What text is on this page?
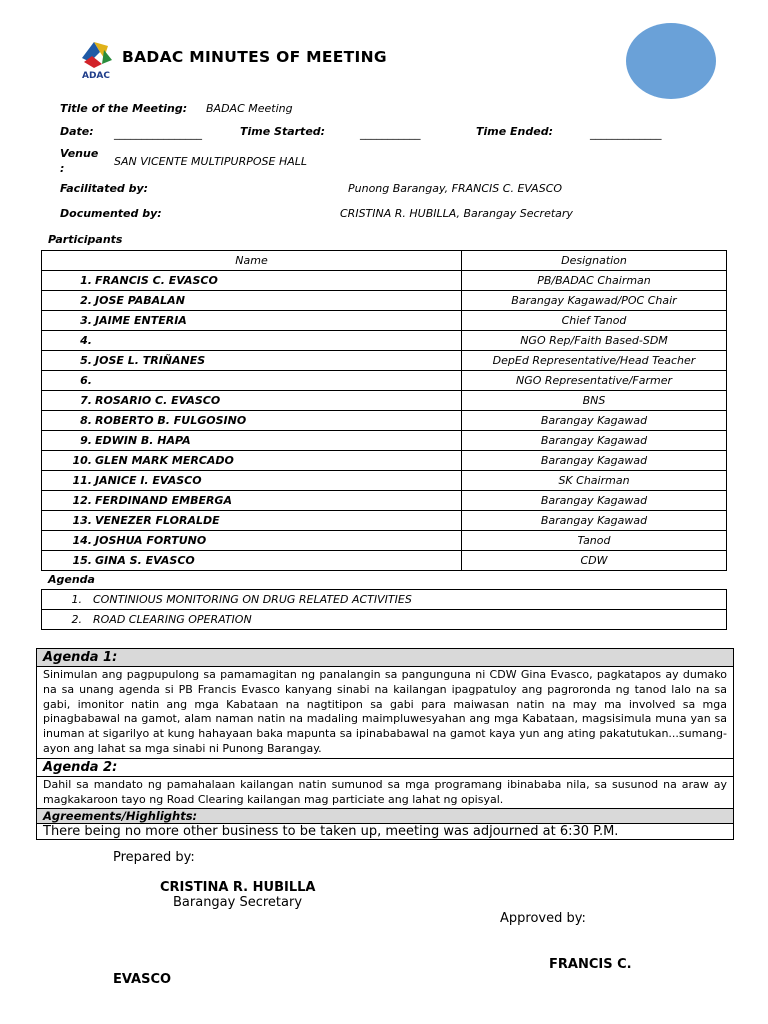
ADAC
BADAC MINUTES OF MEETING
Title of the Meeting: BADAC Meeting
Date: ________________	Time Started:	___________	Time Ended:	_____________
Venue
:
SAN VICENTE MULTIPURPOSE HALL
Facilitated by:	Punong Barangay, FRANCIS C. EVASCO
Documented by:	CRISTINA R. HUBILLA, Barangay Secretary
Participants
Name	Designation
1. FRANCIS C. EVASCO	PB/BADAC Chairman
2. JOSE PABALAN	Barangay Kagawad/POC Chair
3. JAIME ENTERIA	Chief Tanod
4.	NGO Rep/Faith Based-SDM
5. JOSE L. TRIÑANES	DepEd Representative/Head Teacher
6.	NGO Representative/Farmer
7. ROSARIO C. EVASCO	BNS
8. ROBERTO B. FULGOSINO	Barangay Kagawad
9. EDWIN B. HAPA	Barangay Kagawad
10. GLEN MARK MERCADO	Barangay Kagawad
11. JANICE I. EVASCO	SK Chairman
12. FERDINAND EMBERGA	Barangay Kagawad
13. VENEZER FLORALDE	Barangay Kagawad
14. JOSHUA FORTUNO	Tanod
15. GINA S. EVASCO	CDW
Agenda
1. CONTINIOUS MONITORING ON DRUG RELATED ACTIVITIES
2. ROAD CLEARING OPERATION
Agenda 1:
Sinimulan ang pagpupulong sa pamamagitan ng panalangin sa pangunguna ni CDW Gina Evasco, pagkatapos ay dumako na sa unang agenda si PB Francis Evasco kanyang sinabi na kailangan ipagpatuloy ang pagroronda ng tanod lalo na sa gabi, imonitor natin ang mga Kabataan na nagtitipon sa gabi para maiwasan natin na may ma involved sa mga pinagbabawal na gamot, alam naman natin na madaling maimpluwesyahan ang mga Kabataan, magsisimula muna yan sa inuman at sigarilyo at kung hahayaan baka mapunta sa ipinababawal na gamot kaya yun ang ating pakatutukan...sumang-ayon ang lahat sa mga sinabi ni Punong Barangay.
Agenda 2:
Dahil sa mandato ng pamahalaan kailangan natin sumunod sa mga programang ibinababa nila, sa susunod na araw ay magkakaroon tayo ng Road Clearing kailangan mag particiate ang lahat ng opisyal.
Agreements/Highlights:
There being no more other business to be taken up, meeting was adjourned at 6:30 P.M.
Prepared by:
CRISTINA R. HUBILLA
Barangay Secretary
Approved by:
FRANCIS C.
EVASCO
